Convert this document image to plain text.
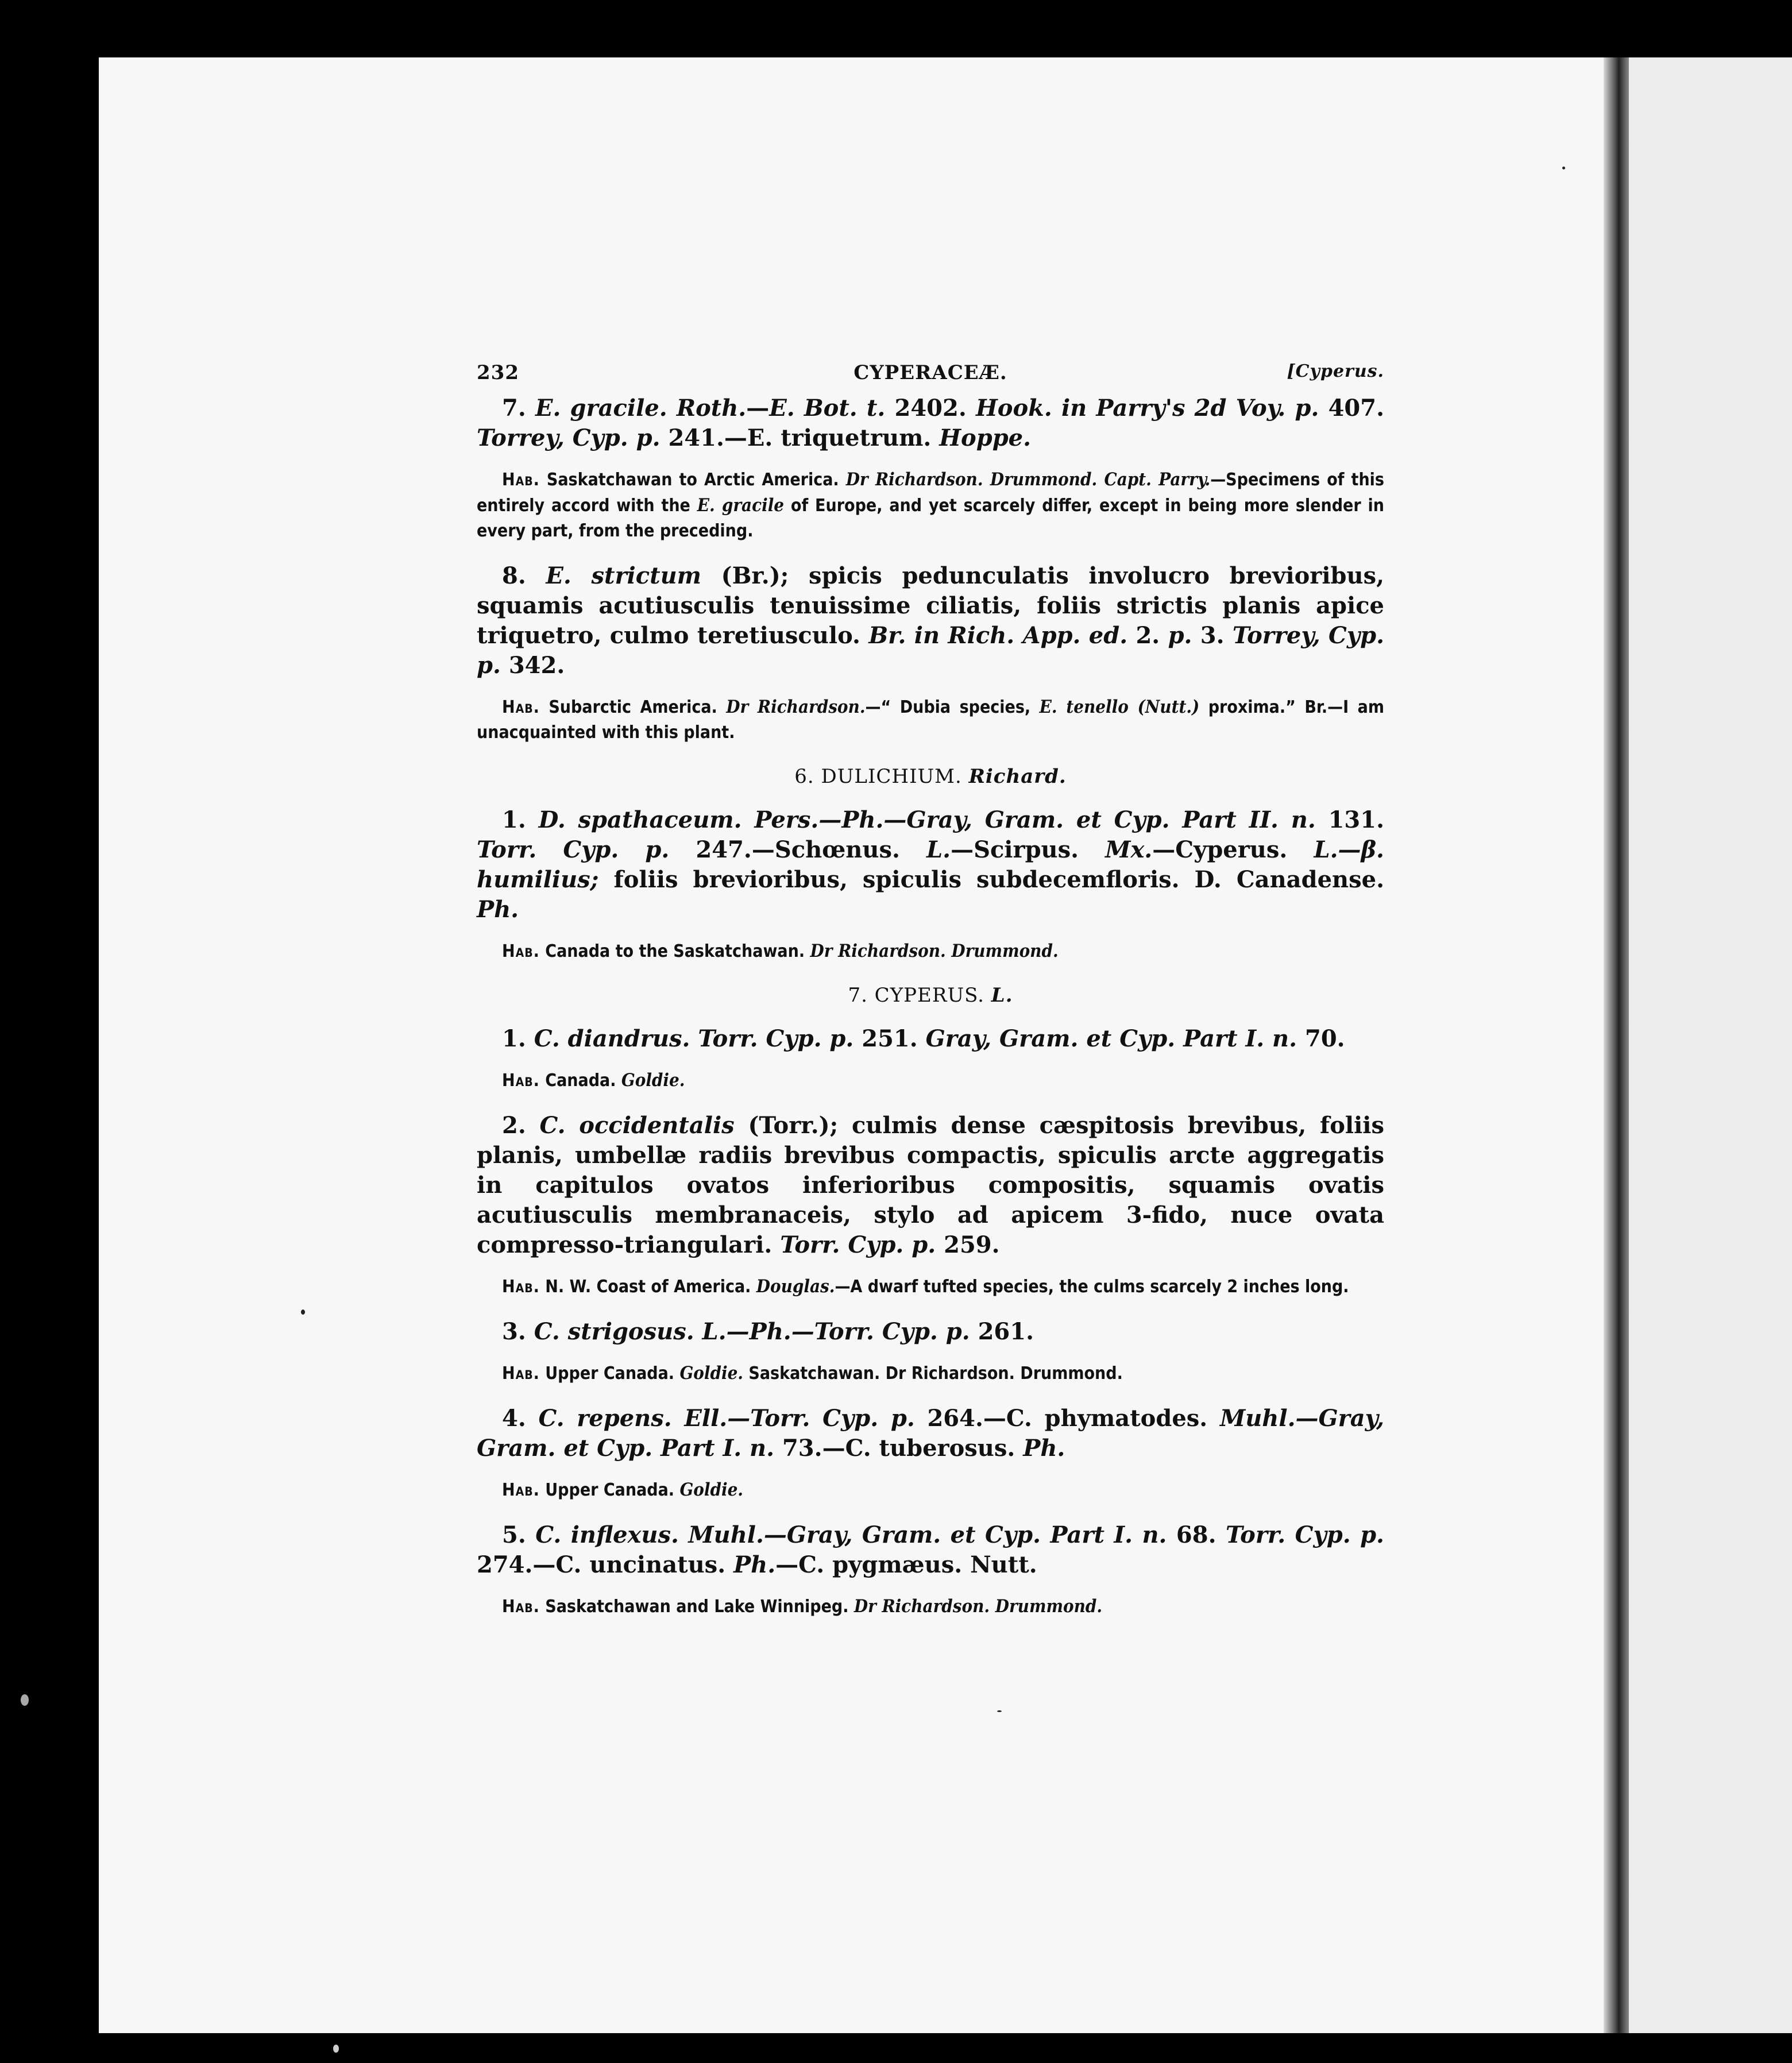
232	CYPERACEÆ.	[Cyperus.

7. E. gracile. Roth.—E. Bot. t. 2402. Hook. in Parry's 2d Voy. p. 407. Torrey, Cyp. p. 241.—E. triquetrum. Hoppe.

Hab. Saskatchawan to Arctic America. Dr Richardson. Drummond. Capt. Parry.—Specimens of this entirely accord with the E. gracile of Europe, and yet scarcely differ, except in being more slender in every part, from the preceding.

8. E. strictum (Br.); spicis pedunculatis involucro brevioribus, squamis acutiusculis tenuissime ciliatis, foliis strictis planis apice triquetro, culmo teretiusculo. Br. in Rich. App. ed. 2. p. 3. Torrey, Cyp. p. 342.

Hab. Subarctic America. Dr Richardson.—“ Dubia species, E. tenello (Nutt.) proxima.” Br.—I am unacquainted with this plant.

6. DULICHIUM. Richard.

1. D. spathaceum. Pers.—Ph.—Gray, Gram. et Cyp. Part II. n. 131. Torr. Cyp. p. 247.—Schœnus. L.—Scirpus. Mx.—Cyperus. L.—β. humilius; foliis brevioribus, spiculis subdecemfloris. D. Canadense. Ph.

Hab. Canada to the Saskatchawan. Dr Richardson. Drummond.

7. CYPERUS. L.

1. C. diandrus. Torr. Cyp. p. 251. Gray, Gram. et Cyp. Part I. n. 70.

Hab. Canada. Goldie.

2. C. occidentalis (Torr.); culmis dense cæspitosis brevibus, foliis planis, umbellæ radiis brevibus compactis, spiculis arcte aggregatis in capitulos ovatos inferioribus compositis, squamis ovatis acutiusculis membranaceis, stylo ad apicem 3-fido, nuce ovata compresso-triangulari. Torr. Cyp. p. 259.

Hab. N. W. Coast of America. Douglas.—A dwarf tufted species, the culms scarcely 2 inches long.

3. C. strigosus. L.—Ph.—Torr. Cyp. p. 261.

Hab. Upper Canada. Goldie. Saskatchawan. Dr Richardson. Drummond.

4. C. repens. Ell.—Torr. Cyp. p. 264.—C. phymatodes. Muhl.—Gray, Gram. et Cyp. Part I. n. 73.—C. tuberosus. Ph.

Hab. Upper Canada. Goldie.

5. C. inflexus. Muhl.—Gray, Gram. et Cyp. Part I. n. 68. Torr. Cyp. p. 274.—C. uncinatus. Ph.—C. pygmæus. Nutt.

Hab. Saskatchawan and Lake Winnipeg. Dr Richardson. Drummond.
